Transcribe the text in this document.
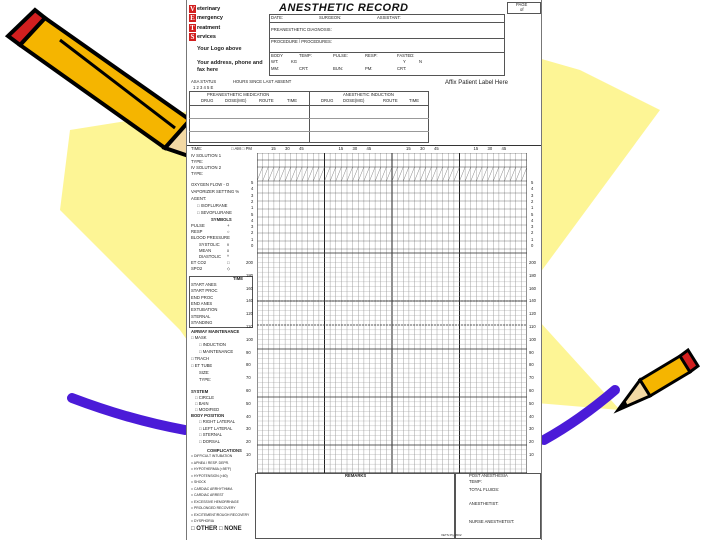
V eterinary
E mergency
T reatment
S ervices
Your Logo above
Your address, phone and fax here
ANESTHETIC RECORD	PAGE
of
DATE:	SURGEON:	ASSISTANT:
PREANESTHETIC DIAGNOSIS:
PROCEDURE / PROCEDURES:
BODY	TEMP:	PULSE:	RESP:	FASTED:
WT:	KG	Y	N
MM:	CRT:	BUN:	PM:	CRT:
ASA STATUS
1 2 3 4 5 E
HOURS SINCE LAST ABSENT	Affix Patient Label Here
PREANESTHETIC MEDICATION	ANESTHETIC INDUCTION
DRUG	DOSE(MG)	ROUTE	TIME	DRUG DOSE(MG)	ROUTE	TIME
TIME:	□ AM □ PM
IV SOLUTION 1
TYPE:
IV SOLUTION 2
TYPE:
OXYGEN FLOW - O
VAPORIZER SETTING %
AGENT:
□ ISOFLURANE
□ SEVOFLURANE
SYMBOLS
PULSE	+
RESP	○
BLOOD PRESSURE
SYSTOLIC v
MEAN	x
DIASTOLIC ^
ET CO2	□
SPO2	◇
TIME
START ANES
START PROC
END PROC
END ANES
EXTUBATION
STERNAL
STANDING
AIRWAY MAINTENANCE
□ MASK
□ INDUCTION
□ MAINTENANCE
□ TRACH
□ ET TUBE
SIZE:
TYPE:
SYSTEM
□ CIRCLE
□ BAIN
□ MODIFIED
BODY POSITION
□ RIGHT LATERAL
□ LEFT LATERAL
□ STERNAL
□ DORSAL
COMPLICATIONS
□ DIFFICULT INTUBATION
□ APNEA / RESP. DEPR.
□ HYPOTHERMIA (<98°F)
□ HYPOTENSION (<60)
□ SHOCK
□ CARDIAC ARRHYTHMIA
□ CARDIAC ARREST
□ EXCESSIVE HEMORRHAGE
□ PROLONGED RECOVERY
□ EXCITEMENT/ROUGH RECOVERY
□ DYSPHORIA
□ OTHER □ NONE
5
4
3
2
1
5
4
3
2
1
0
200
180
160
140
120
110
100
90
80
70
60
50
40
30
20
10
5
4
3
2
1
5
4
3
2
1
0
200
180
160
140
120
110
100
90
80
70
60
50
40
30
20
10
REMARKS	POST ANESTHESIA
TEMP:
TOTAL FLUIDS:
ANESTHETIST:
NURSE ANESTHETIST:
VETS Pty 2002
15 30 45	15 30 45	15 30 45	15 30 45
